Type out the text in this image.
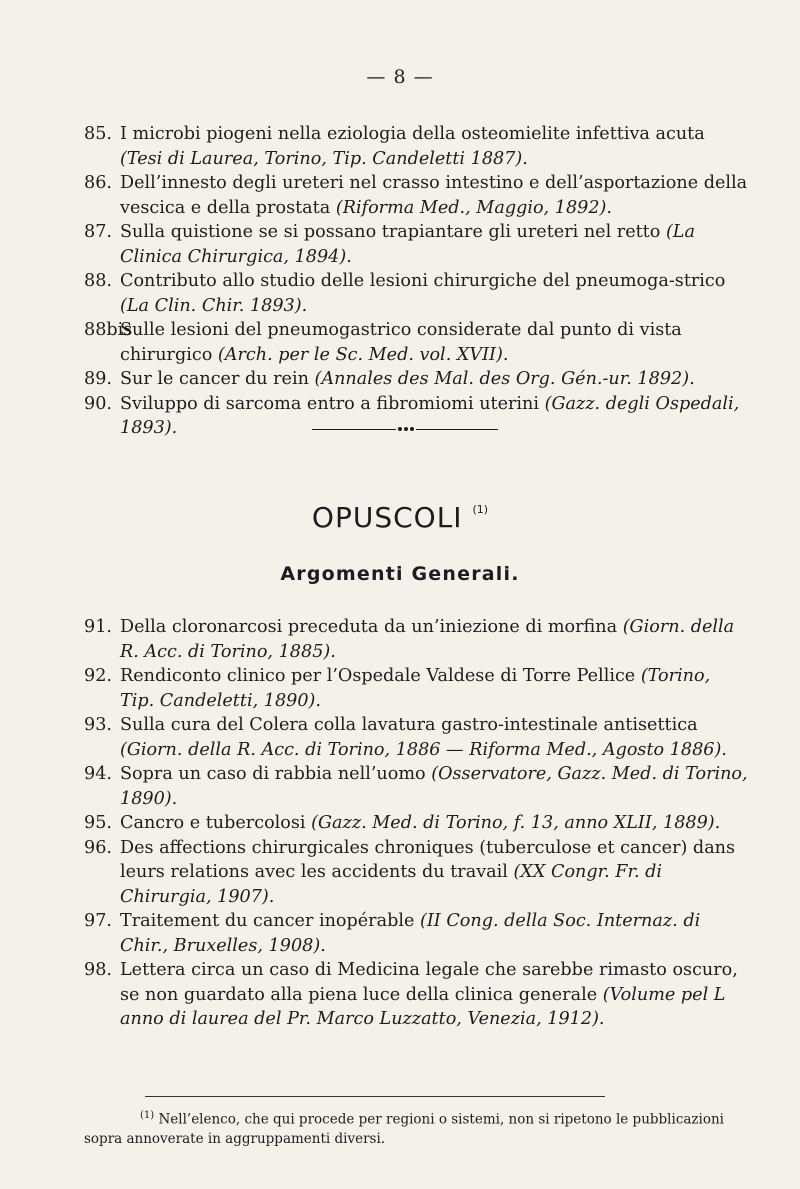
— 8 —

85. I microbi piogeni nella eziologia della osteomielite infettiva acuta (Tesi di Laurea, Torino, Tip. Candeletti 1887).

86. Dell’innesto degli ureteri nel crasso intestino e dell’asportazione della vescica e della prostata (Riforma Med., Maggio, 1892).

87. Sulla quistione se si possano trapiantare gli ureteri nel retto (La Clinica Chirurgica, 1894).

88. Contributo allo studio delle lesioni chirurgiche del pneumoga-strico (La Clin. Chir. 1893).

88bisSulle lesioni del pneumogastrico considerate dal punto di vista chirurgico (Arch. per le Sc. Med. vol. XVII).

89. Sur le cancer du rein (Annales des Mal. des Org. Gén.-ur. 1892).

90. Sviluppo di sarcoma entro a fibromiomi uterini (Gazz. degli Ospedali, 1893).

OPUSCOLI $^{(1)}$
Argomenti Generali.

91. Della cloronarcosi preceduta da un’iniezione di morfina (Giorn. della R. Acc. di Torino, 1885).

92. Rendiconto clinico per l’Ospedale Valdese di Torre Pellice (Torino, Tip. Candeletti, 1890).

93. Sulla cura del Colera colla lavatura gastro-intestinale antisettica (Giorn. della R. Acc. di Torino, 1886 — Riforma Med., Agosto 1886).

94. Sopra un caso di rabbia nell’uomo (Osservatore, Gazz. Med. di Torino, 1890).

95. Cancro e tubercolosi (Gazz. Med. di Torino, f. 13, anno XLII, 1889).

96. Des affections chirurgicales chroniques (tuberculose et cancer) dans leurs relations avec les accidents du travail (XX Congr. Fr. di Chirurgia, 1907).

97. Traitement du cancer inopérable (II Cong. della Soc. Internaz. di Chir., Bruxelles, 1908).

98. Lettera circa un caso di Medicina legale che sarebbe rimasto oscuro, se non guardato alla piena luce della clinica generale (Volume pel L anno di laurea del Pr. Marco Luzzatto, Venezia, 1912).

$^{(1)}$ Nell’elenco, che qui procede per regioni o sistemi, non si ripetono le pubblicazioni sopra annoverate in aggruppamenti diversi.
